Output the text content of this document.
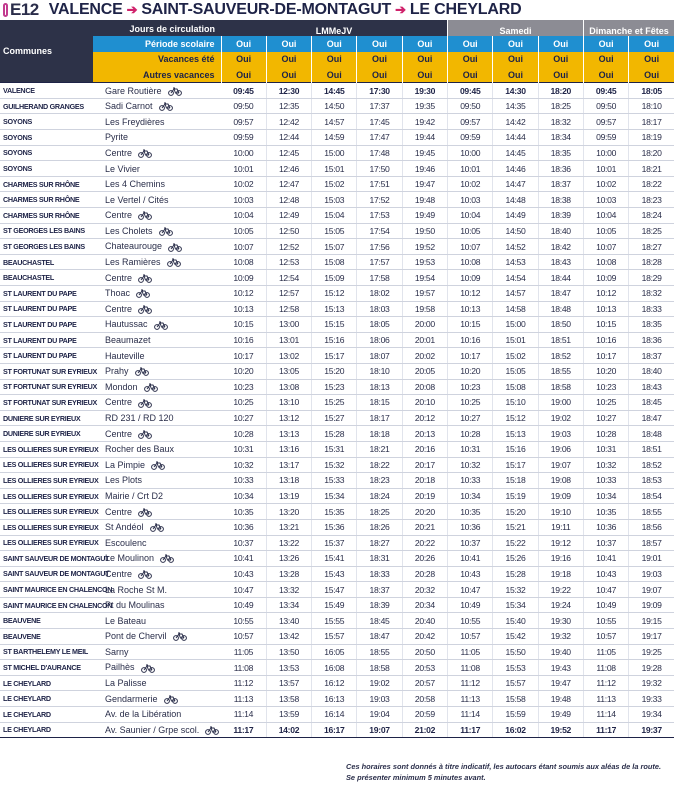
E12 VALENCE ➔ SAINT-SAUVEUR-DE-MONTAGUT ➔ LE CHEYLARD
Communes	Jours de circulation	LMMeJV					Samedi			Dimanche et Fêtes	
	Période scolaire	Oui	Oui	Oui	Oui	Oui	Oui	Oui	Oui	Oui	Oui
	Vacances été	Oui	Oui	Oui	Oui	Oui	Oui	Oui	Oui	Oui	Oui
	Autres vacances	Oui	Oui	Oui	Oui	Oui	Oui	Oui	Oui	Oui	Oui
VALENCE	Gare Routière	09:45	12:30	14:45	17:30	19:30	09:45	14:30	18:20	09:45	18:05
GUILHERAND GRANGES	Sadi Carnot	09:50	12:35	14:50	17:37	19:35	09:50	14:35	18:25	09:50	18:10
SOYONS	Les Freydières	09:57	12:42	14:57	17:45	19:42	09:57	14:42	18:32	09:57	18:17
SOYONS	Pyrite	09:59	12:44	14:59	17:47	19:44	09:59	14:44	18:34	09:59	18:19
SOYONS	Centre	10:00	12:45	15:00	17:48	19:45	10:00	14:45	18:35	10:00	18:20
SOYONS	Le Vivier	10:01	12:46	15:01	17:50	19:46	10:01	14:46	18:36	10:01	18:21
CHARMES SUR RHÔNE	Les 4 Chemins	10:02	12:47	15:02	17:51	19:47	10:02	14:47	18:37	10:02	18:22
CHARMES SUR RHÔNE	Le Vertel / Cités	10:03	12:48	15:03	17:52	19:48	10:03	14:48	18:38	10:03	18:23
CHARMES SUR RHÔNE	Centre	10:04	12:49	15:04	17:53	19:49	10:04	14:49	18:39	10:04	18:24
ST GEORGES LES BAINS	Les Cholets	10:05	12:50	15:05	17:54	19:50	10:05	14:50	18:40	10:05	18:25
ST GEORGES LES BAINS	Chateaurouge	10:07	12:52	15:07	17:56	19:52	10:07	14:52	18:42	10:07	18:27
BEAUCHASTEL	Les Ramières	10:08	12:53	15:08	17:57	19:53	10:08	14:53	18:43	10:08	18:28
BEAUCHASTEL	Centre	10:09	12:54	15:09	17:58	19:54	10:09	14:54	18:44	10:09	18:29
ST LAURENT DU PAPE	Thoac	10:12	12:57	15:12	18:02	19:57	10:12	14:57	18:47	10:12	18:32
ST LAURENT DU PAPE	Centre	10:13	12:58	15:13	18:03	19:58	10:13	14:58	18:48	10:13	18:33
ST LAURENT DU PAPE	Hautussac	10:15	13:00	15:15	18:05	20:00	10:15	15:00	18:50	10:15	18:35
ST LAURENT DU PAPE	Beaumazet	10:16	13:01	15:16	18:06	20:01	10:16	15:01	18:51	10:16	18:36
ST LAURENT DU PAPE	Hauteville	10:17	13:02	15:17	18:07	20:02	10:17	15:02	18:52	10:17	18:37
ST FORTUNAT SUR EYRIEUX	Prahy	10:20	13:05	15:20	18:10	20:05	10:20	15:05	18:55	10:20	18:40
ST FORTUNAT SUR EYRIEUX	Mondon	10:23	13:08	15:23	18:13	20:08	10:23	15:08	18:58	10:23	18:43
ST FORTUNAT SUR EYRIEUX	Centre	10:25	13:10	15:25	18:15	20:10	10:25	15:10	19:00	10:25	18:45
DUNIERE SUR EYRIEUX	RD 231 / RD 120	10:27	13:12	15:27	18:17	20:12	10:27	15:12	19:02	10:27	18:47
DUNIERE SUR EYRIEUX	Centre	10:28	13:13	15:28	18:18	20:13	10:28	15:13	19:03	10:28	18:48
LES OLLIERES SUR EYRIEUX	Rocher des Baux	10:31	13:16	15:31	18:21	20:16	10:31	15:16	19:06	10:31	18:51
LES OLLIERES SUR EYRIEUX	La Pimpie	10:32	13:17	15:32	18:22	20:17	10:32	15:17	19:07	10:32	18:52
LES OLLIERES SUR EYRIEUX	Les Plots	10:33	13:18	15:33	18:23	20:18	10:33	15:18	19:08	10:33	18:53
LES OLLIERES SUR EYRIEUX	Mairie / Crt D2	10:34	13:19	15:34	18:24	20:19	10:34	15:19	19:09	10:34	18:54
LES OLLIERES SUR EYRIEUX	Centre	10:35	13:20	15:35	18:25	20:20	10:35	15:20	19:10	10:35	18:55
LES OLLIERES SUR EYRIEUX	St Andéol	10:36	13:21	15:36	18:26	20:21	10:36	15:21	19:11	10:36	18:56
LES OLLIERES SUR EYRIEUX	Escoulenc	10:37	13:22	15:37	18:27	20:22	10:37	15:22	19:12	10:37	18:57
SAINT SAUVEUR DE MONTAGUT	Le Moulinon	10:41	13:26	15:41	18:31	20:26	10:41	15:26	19:16	10:41	19:01
SAINT SAUVEUR DE MONTAGUT	Centre	10:43	13:28	15:43	18:33	20:28	10:43	15:28	19:18	10:43	19:03
SAINT MAURICE EN CHALENCON	La Roche St M.	10:47	13:32	15:47	18:37	20:32	10:47	15:32	19:22	10:47	19:07
SAINT MAURICE EN CHALENCON	Pt du Moulinas	10:49	13:34	15:49	18:39	20:34	10:49	15:34	19:24	10:49	19:09
BEAUVENE	Le Bateau	10:55	13:40	15:55	18:45	20:40	10:55	15:40	19:30	10:55	19:15
BEAUVENE	Pont de Chervil	10:57	13:42	15:57	18:47	20:42	10:57	15:42	19:32	10:57	19:17
ST BARTHELEMY LE MEIL	Sarny	11:05	13:50	16:05	18:55	20:50	11:05	15:50	19:40	11:05	19:25
ST MICHEL D'AURANCE	Pailhès	11:08	13:53	16:08	18:58	20:53	11:08	15:53	19:43	11:08	19:28
LE CHEYLARD	La Palisse	11:12	13:57	16:12	19:02	20:57	11:12	15:57	19:47	11:12	19:32
LE CHEYLARD	Gendarmerie	11:13	13:58	16:13	19:03	20:58	11:13	15:58	19:48	11:13	19:33
LE CHEYLARD	Av. de la Libération	11:14	13:59	16:14	19:04	20:59	11:14	15:59	19:49	11:14	19:34
LE CHEYLARD	Av. Saunier / Grpe scol.	11:17	14:02	16:17	19:07	21:02	11:17	16:02	19:52	11:17	19:37
Ces horaires sont donnés à titre indicatif, les autocars étant soumis aux aléas de la route.
Se présenter minimum 5 minutes avant.
